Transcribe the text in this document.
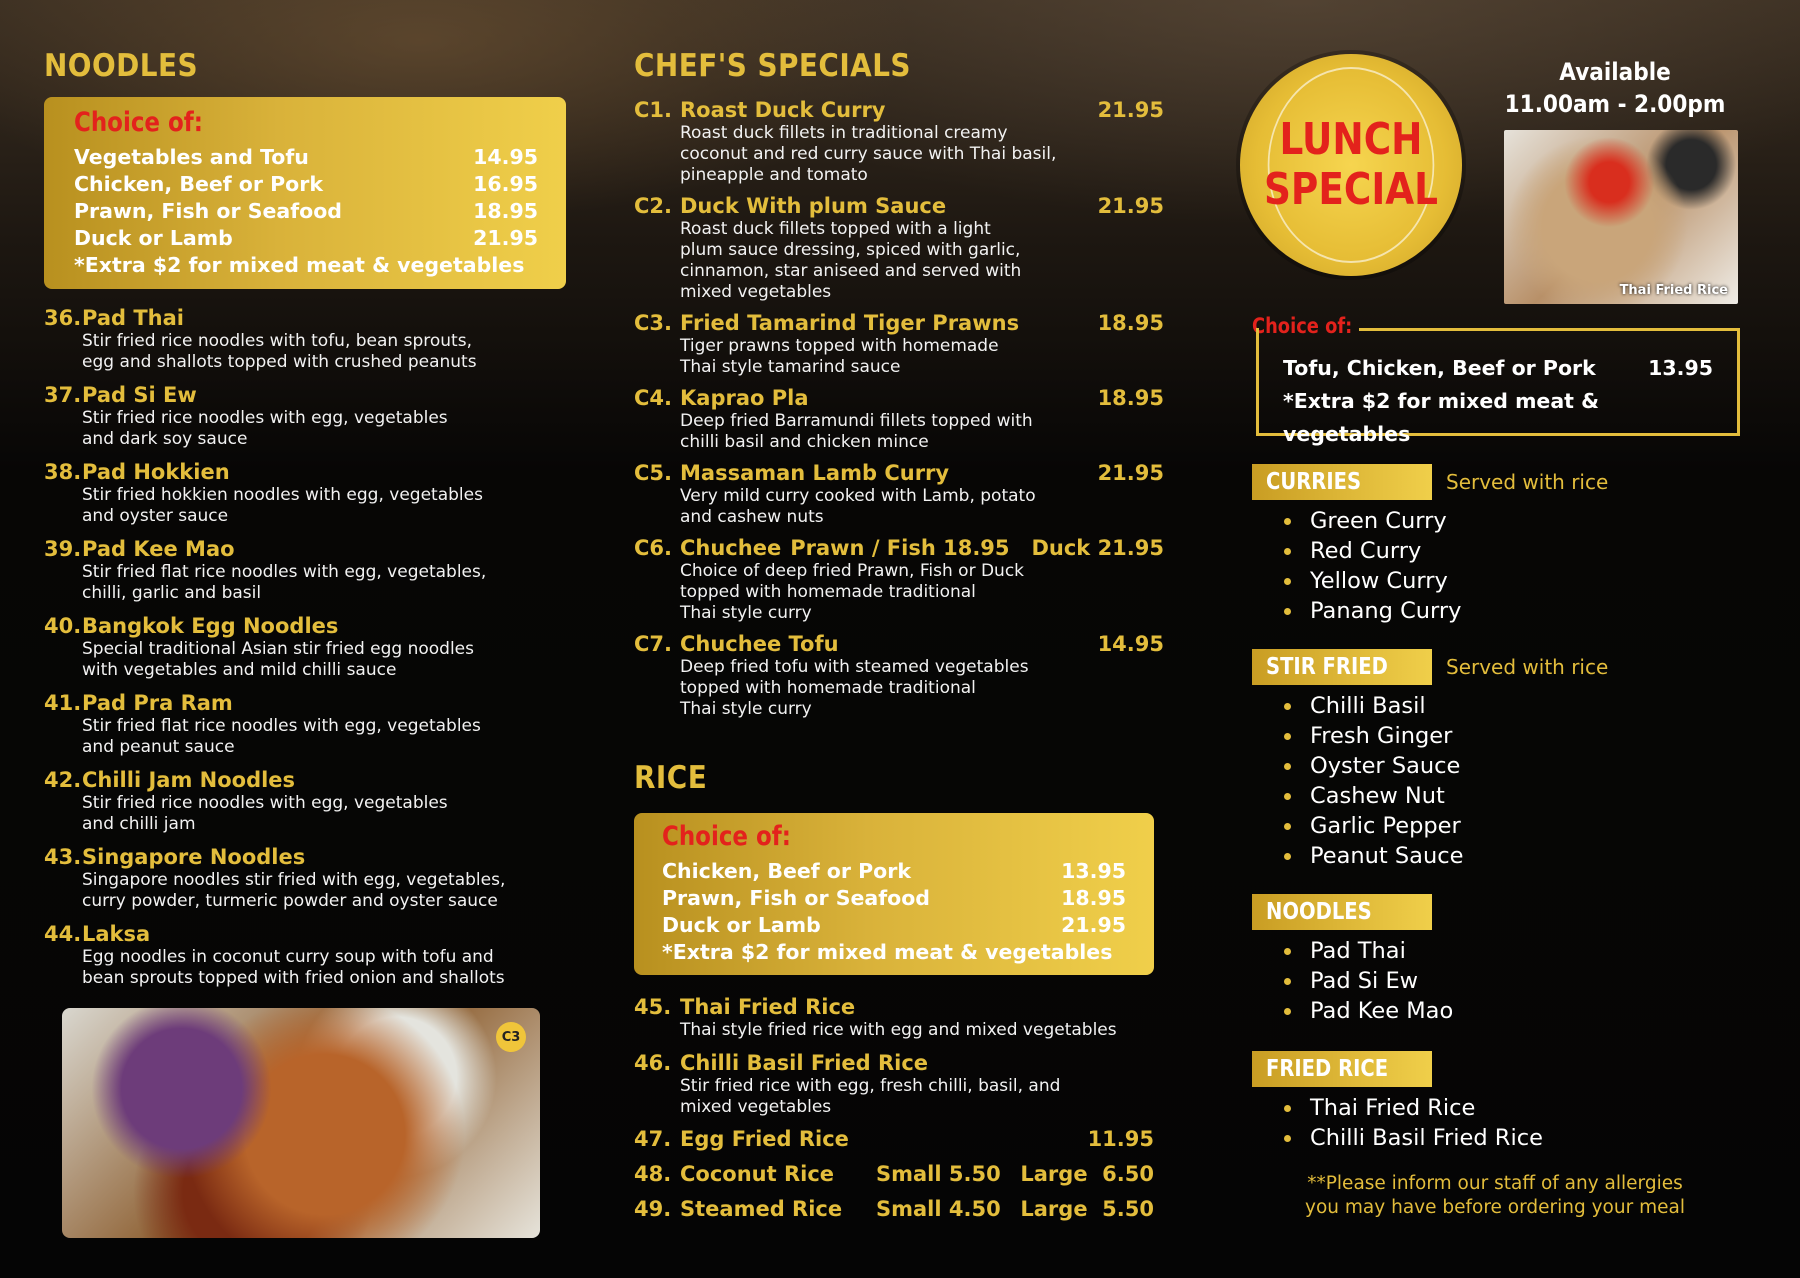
NOODLES
Choice of:
Vegetables and Tofu	14.95
Chicken, Beef or Pork	16.95
Prawn, Fish or Seafood	18.95
Duck or Lamb	21.95
*Extra $2 for mixed meat & vegetables
36. Pad Thai
Stir fried rice noodles with tofu, bean sprouts,
egg and shallots topped with crushed peanuts
37. Pad Si Ew
Stir fried rice noodles with egg, vegetables
and dark soy sauce
38. Pad Hokkien
Stir fried hokkien noodles with egg, vegetables
and oyster sauce
39. Pad Kee Mao
Stir fried flat rice noodles with egg, vegetables,
chilli, garlic and basil
40. Bangkok Egg Noodles
Special traditional Asian stir fried egg noodles
with vegetables and mild chilli sauce
41. Pad Pra Ram
Stir fried flat rice noodles with egg, vegetables
and peanut sauce
42. Chilli Jam Noodles
Stir fried rice noodles with egg, vegetables
and chilli jam
43. Singapore Noodles
Singapore noodles stir fried with egg, vegetables,
curry powder, turmeric powder and oyster sauce
44. Laksa
Egg noodles in coconut curry soup with tofu and
bean sprouts topped with fried onion and shallots
C3
CHEF'S SPECIALS
C1. Roast Duck Curry	21.95
Roast duck fillets in traditional creamy
coconut and red curry sauce with Thai basil,
pineapple and tomato
C2. Duck With plum Sauce	21.95
Roast duck fillets topped with a light
plum sauce dressing, spiced with garlic,
cinnamon, star aniseed and served with
mixed vegetables
C3. Fried Tamarind Tiger Prawns	18.95
Tiger prawns topped with homemade
Thai style tamarind sauce
C4. Kaprao Pla	18.95
Deep fried Barramundi fillets topped with
chilli basil and chicken mince
C5. Massaman Lamb Curry	21.95
Very mild curry cooked with Lamb, potato
and cashew nuts
C6. Chuchee Prawn / Fish 18.95   Duck 21.95
Choice of deep fried Prawn, Fish or Duck
topped with homemade traditional
Thai style curry
C7. Chuchee Tofu	14.95
Deep fried tofu with steamed vegetables
topped with homemade traditional
Thai style curry
RICE
Choice of:
Chicken, Beef or Pork	13.95
Prawn, Fish or Seafood	18.95
Duck or Lamb	21.95
*Extra $2 for mixed meat & vegetables
45. Thai Fried Rice
Thai style fried rice with egg and mixed vegetables
46. Chilli Basil Fried Rice
Stir fried rice with egg, fresh chilli, basil, and
mixed vegetables
47. Egg Fried Rice	11.95
48. Coconut Rice	Small 5.50 Large  6.50
49. Steamed Rice	Small 4.50 Large  5.50
LUNCH
SPECIAL
Available
11.00am - 2.00pm
Thai Fried Rice
Choice of:
Tofu, Chicken, Beef or Pork	13.95
*Extra $2 for mixed meat & vegetables
CURRIES	Served with rice
Green Curry
Red Curry
Yellow Curry
Panang Curry
STIR FRIED	Served with rice
Chilli Basil
Fresh Ginger
Oyster Sauce
Cashew Nut
Garlic Pepper
Peanut Sauce
NOODLES
Pad Thai
Pad Si Ew
Pad Kee Mao
FRIED RICE
Thai Fried Rice
Chilli Basil Fried Rice
**Please inform our staff of any allergies
you may have before ordering your meal
